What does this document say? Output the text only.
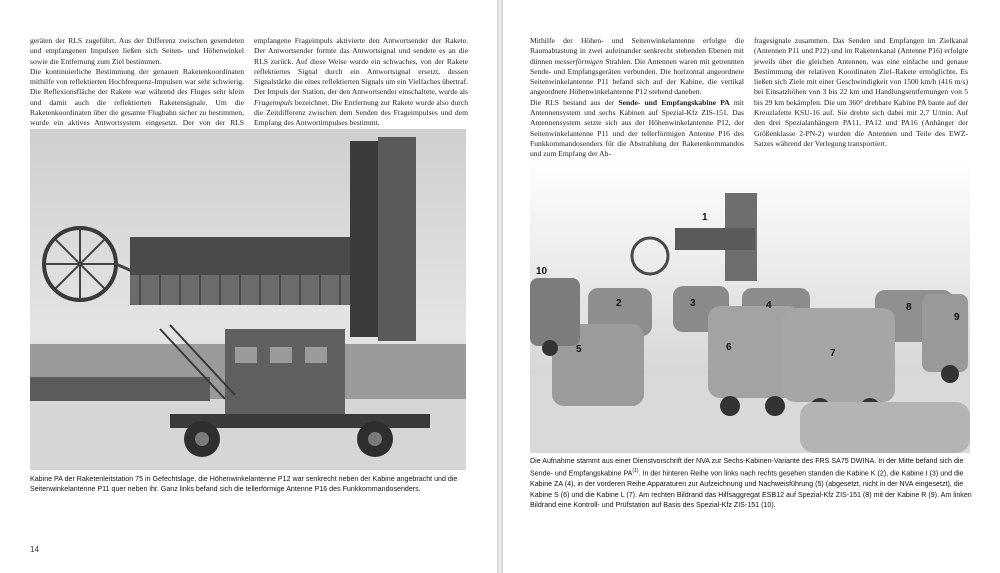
geräten der RLS zugeführt. Aus der Differenz zwischen gesendeten und empfangenen Impulsen ließen sich Seiten- und Höhenwinkel sowie die Entfernung zum Ziel bestimmen.

Die kontinuierliche Bestimmung der genauen Raketenkoordinaten mithilfe von reflektierten Hochfrequenz-Impulsen war sehr schwierig. Die Reflexionsfläche der Rakete war während des Fluges sehr klein und damit auch die reflektierten Raketensignale. Um die Raketenkoordinaten über die gesamte Flugbahn sicher zu bestimmen, wurde ein aktives Antwortsystem eingesetzt. Der von der RLS

empfangene Frageimpuls aktivierte den Antwortsender der Rakete. Der Antwortsender formte das Antwortsignal und sendete es an die RLS zurück. Auf diese Weise wurde ein schwaches, von der Rakete reflektiertes Signal durch ein Antwortsignal ersetzt, dessen Signalstärke die eines reflektierten Signals um ein Vielfaches übertraf. Der Impuls der Station, der den Antwortsender einschaltete, wurde als Frageimpuls bezeichnet. Die Entfernung zur Rakete wurde also durch die Zeitdifferenz zwischen dem Senden des Frageimpulses und dem Empfang des Antwortimpulses bestimmt.

Kabine PA der Raketenleitstation 75 in Gefechtslage, die Höhenwinkelantenne P12 war senkrecht neben der Kabine angebracht und die Seitenwinkelantenne P11 quer neben ihr. Ganz links befand sich die tellerförmige Antenne P16 des Funkkommandosenders.

14

Mithilfe der Höhen- und Seitenwinkelantenne erfolgte die Raumabtastung in zwei aufeinander senkrecht stehenden Ebenen mit dünnen messerförmigen Strahlen. Die Antennen waren mit getrennten Sende- und Empfangsgeräten verbunden. Die horizontal angeordnete Seitenwinkelantenne P11 befand sich auf der Kabine, die vertikal angeordnete Höhenwinkelantenne P12 stehend daneben.

Die RLS bestand aus der Sende- und Empfangskabine PA mit Antennensystem und sechs Kabinen auf Spezial-Kfz ZIS-151. Das Antennensystem setzte sich aus der Höhenwinkelantenne P12, der Seitenwinkelantenne P11 und der tellerförmigen Antenne P16 des Funkkommandosenders für die Abstrahlung der Raketenkommandos und zum Empfang der Ab-

fragesignale zusammen. Das Senden und Empfangen im Zielkanal (Antennen P11 und P12) und im Raketenkanal (Antenne P16) erfolgte jeweils über die gleichen Antennen, was eine einfache und genaue Bestimmung der relativen Koordinaten Ziel–Rakete ermöglichte. Es ließen sich Ziele mit einer Geschwindigkeit von 1500 km/h (416 m/s) bei Einsatzhöhen von 3 bis 22 km und Handlungsentfernungen von 5 bis 29 km bekämpfen. Die um 360° drehbare Kabine PA baute auf der Kreuzlafette KSU-16 auf. Sie drehte sich dabei mit 2,7 U/min. Auf den drei Spezialanhängern PA11, PA12 und PA16 (Anhänger der Größenklasse 2-PN-2) wurden die Antennen und Teile des EWZ-Satzes während der Verlegung transportiert.

1
2	3	4
5	6
7
8
9
10

Die Aufnahme stammt aus einer Dienstvorschrift der NVA zur Sechs-Kabinen-Variante des FRS SA75 DWINA. In der Mitte befand sich die Sende- und Empfangskabine PA$^{(1)}$. In der hinteren Reihe von links nach rechts gesehen standen die Kabine K (2), die Kabine I (3) und die Kabine ZA (4), in der vorderen Reihe Apparaturen zur Aufzeichnung und Nachweisführung (5) (abgesetzt, nicht in der NVA eingesetzt), die Kabine S (6) und die Kabine L (7). Am rechten Bildrand das Hilfsaggregat ESB12 auf Spezial-Kfz ZIS-151 (8) mit der Kabine R (9). Am linken Bildrand eine Kontroll- und Prüfstation auf Basis des Spezial-Kfz ZIS-151 (10).
